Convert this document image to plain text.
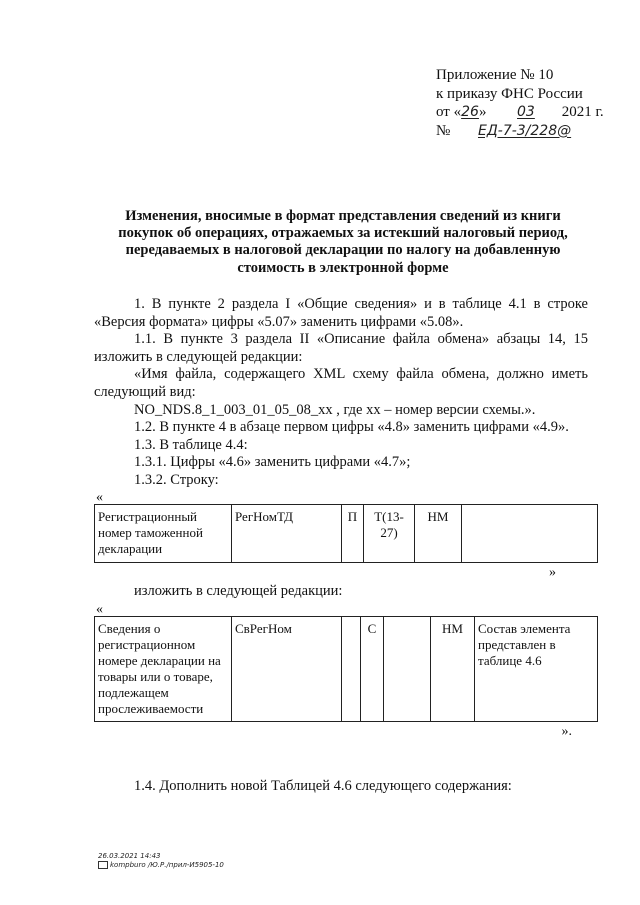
Приложение № 10
к приказу ФНС России
от «26» 03 2021 г.
№ ЕД-7-3/228@
Изменения, вносимые в формат представления сведений из книги покупок об операциях, отражаемых за истекший налоговый период, передаваемых в налоговой декларации по налогу на добавленную стоимость в электронной форме

1. В пункте 2 раздела I «Общие сведения» и в таблице 4.1 в строке «Версия формата» цифры «5.07» заменить цифрами «5.08».

1.1. В пункте 3 раздела II «Описание файла обмена» абзацы 14, 15 изложить в следующей редакции:

«Имя файла, содержащего XML схему файла обмена, должно иметь следующий вид:

NO_NDS.8_1_003_01_05_08_xx , где хх – номер версии схемы.».

1.2. В пункте 4 в абзаце первом цифры «4.8» заменить цифрами «4.9».

1.3. В таблице 4.4:

1.3.1. Цифры «4.6» заменить цифрами «4.7»;

1.3.2. Строку:

«
Регистрационный номер таможенной декларации	РегНомТД	П	T(13-27)	НМ	
»

изложить в следующей редакции:

«
Сведения о регистрационном номере декларации на товары или о товаре, подлежащем прослеживаемости	СвРегНом		С		НМ	Состав элемента представлен в таблице 4.6
».

1.4. Дополнить новой Таблицей 4.6 следующего содержания:

26.03.2021 14:43
kompburo /Ю.Р./прил-И5905-10
